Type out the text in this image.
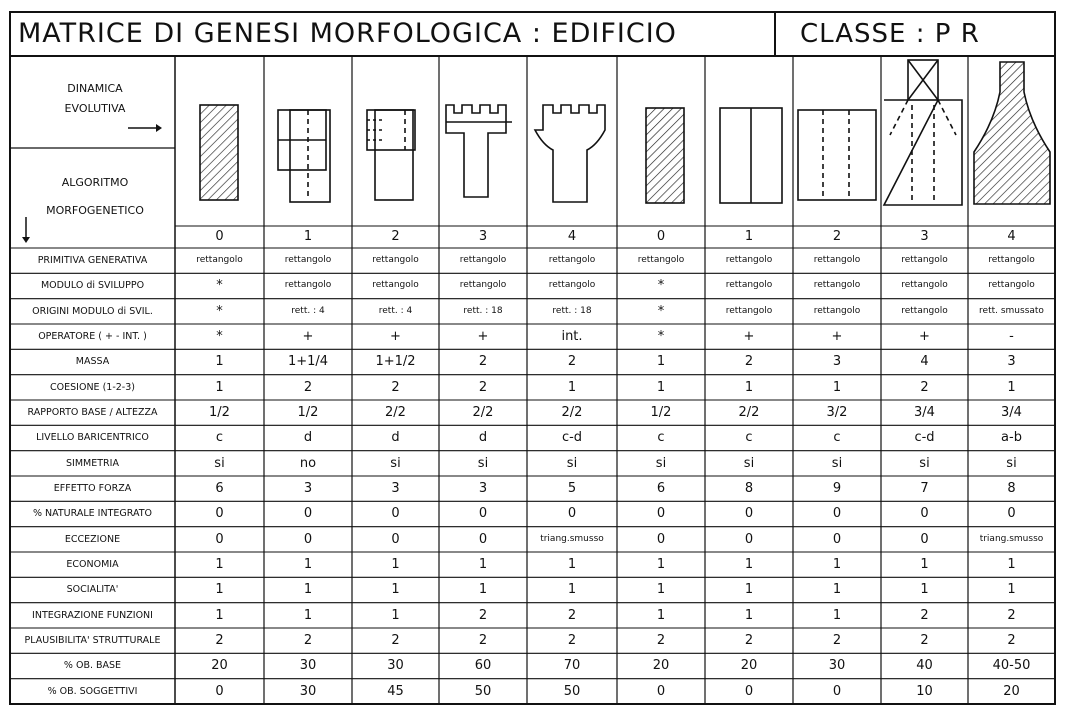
MATRICE DI GENESI MORFOLOGICA : EDIFICIO	CLASSE : P R
DINAMICA
EVOLUTIVA
ALGORITMO
MORFOGENETICO
0	1	2	3	4	0	1	2	3	4
PRIMITIVA GENERATIVA	rettangolo	rettangolo	rettangolo	rettangolo	rettangolo	rettangolo	rettangolo	rettangolo	rettangolo	rettangolo
MODULO di SVILUPPO	*	rettangolo	rettangolo	rettangolo	rettangolo	*	rettangolo	rettangolo	rettangolo	rettangolo
ORIGINI MODULO di SVIL.	*	rett. : 4	rett. : 4	rett. : 18	rett. : 18	*	rettangolo	rettangolo	rettangolo	rett. smussato
OPERATORE ( + - INT. )	*	+	+	+	int.	*	+	+	+	-
MASSA	1	1+1/4	1+1/2	2	2	1	2	3	4	3
COESIONE (1-2-3)	1	2	2	2	1	1	1	1	2	1
RAPPORTO BASE / ALTEZZA	1/2	1/2	2/2	2/2	2/2	1/2	2/2	3/2	3/4	3/4
LIVELLO BARICENTRICO	c	d	d	d	c-d	c	c	c	c-d	a-b
SIMMETRIA	si	no	si	si	si	si	si	si	si	si
EFFETTO FORZA	6	3	3	3	5	6	8	9	7	8
% NATURALE INTEGRATO	0	0	0	0	0	0	0	0	0	0
ECCEZIONE	0	0	0	0	triang.smusso	0	0	0	0	triang.smusso
ECONOMIA	1	1	1	1	1	1	1	1	1	1
SOCIALITA'	1	1	1	1	1	1	1	1	1	1
INTEGRAZIONE FUNZIONI	1	1	1	2	2	1	1	1	2	2
PLAUSIBILITA' STRUTTURALE	2	2	2	2	2	2	2	2	2	2
% OB. BASE	20	30	30	60	70	20	20	30	40	40-50
% OB. SOGGETTIVI	0	30	45	50	50	0	0	0	10	20
